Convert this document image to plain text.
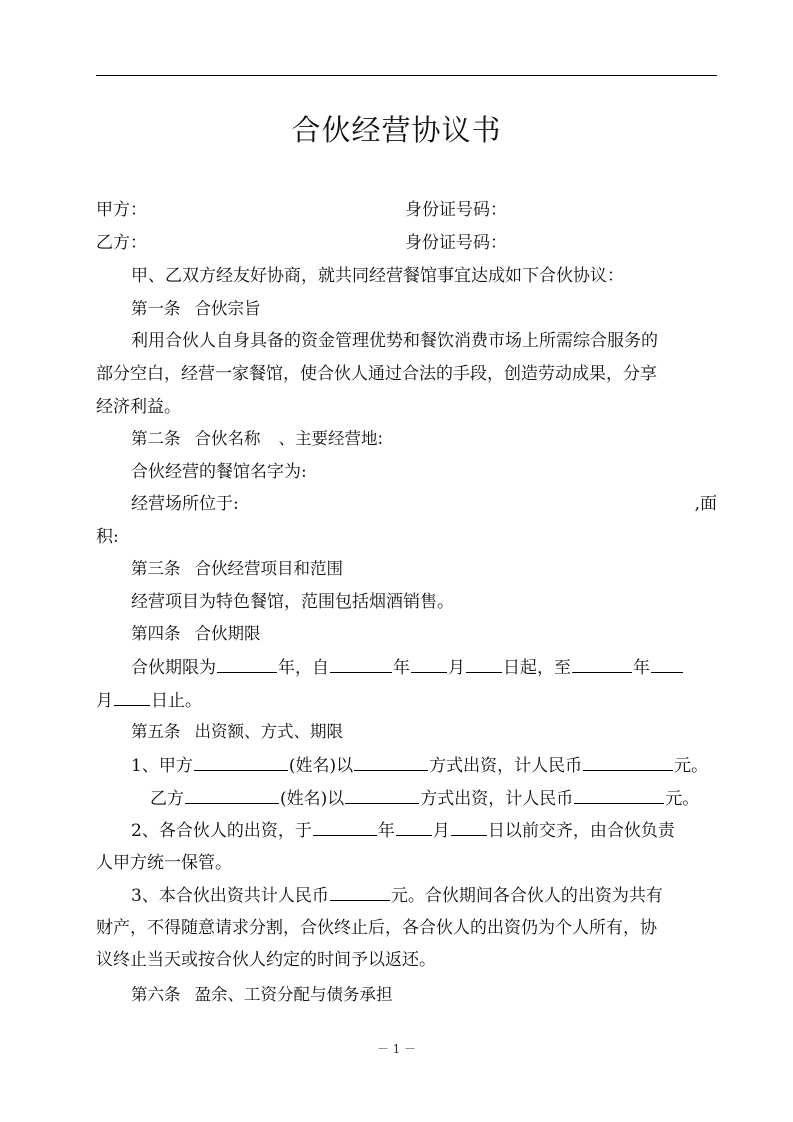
合伙经营协议书
甲方：	身份证号码：
乙方：	身份证号码：
甲、乙双方经友好协商，就共同经营餐馆事宜达成如下合伙协议：
第一条 合伙宗旨
利用合伙人自身具备的资金管理优势和餐饮消费市场上所需综合服务的
部分空白，经营一家餐馆，使合伙人通过合法的手段，创造劳动成果，分享
经济利益。
第二条 合伙名称 、主要经营地:
合伙经营的餐馆名字为:
经营场所位于:	,面
积:
第三条 合伙经营项目和范围
经营项目为特色餐馆，范围包括烟酒销售。
第四条 合伙期限
合伙期限为	年，自	年 月 日起，至	年
月 日止。
第五条 出资额、方式、期限
1、甲方	(姓名)以	方式出资，计人民币	元。
乙方	(姓名)以	方式出资，计人民币	元。
2、各合伙人的出资，于	年 月 日以前交齐，由合伙负责
人甲方统一保管。
3、本合伙出资共计人民币	元。合伙期间各合伙人的出资为共有
财产，不得随意请求分割，合伙终止后，各合伙人的出资仍为个人所有，协
议终止当天或按合伙人约定的时间予以返还。
第六条 盈余、工资分配与债务承担
－ 1 －
